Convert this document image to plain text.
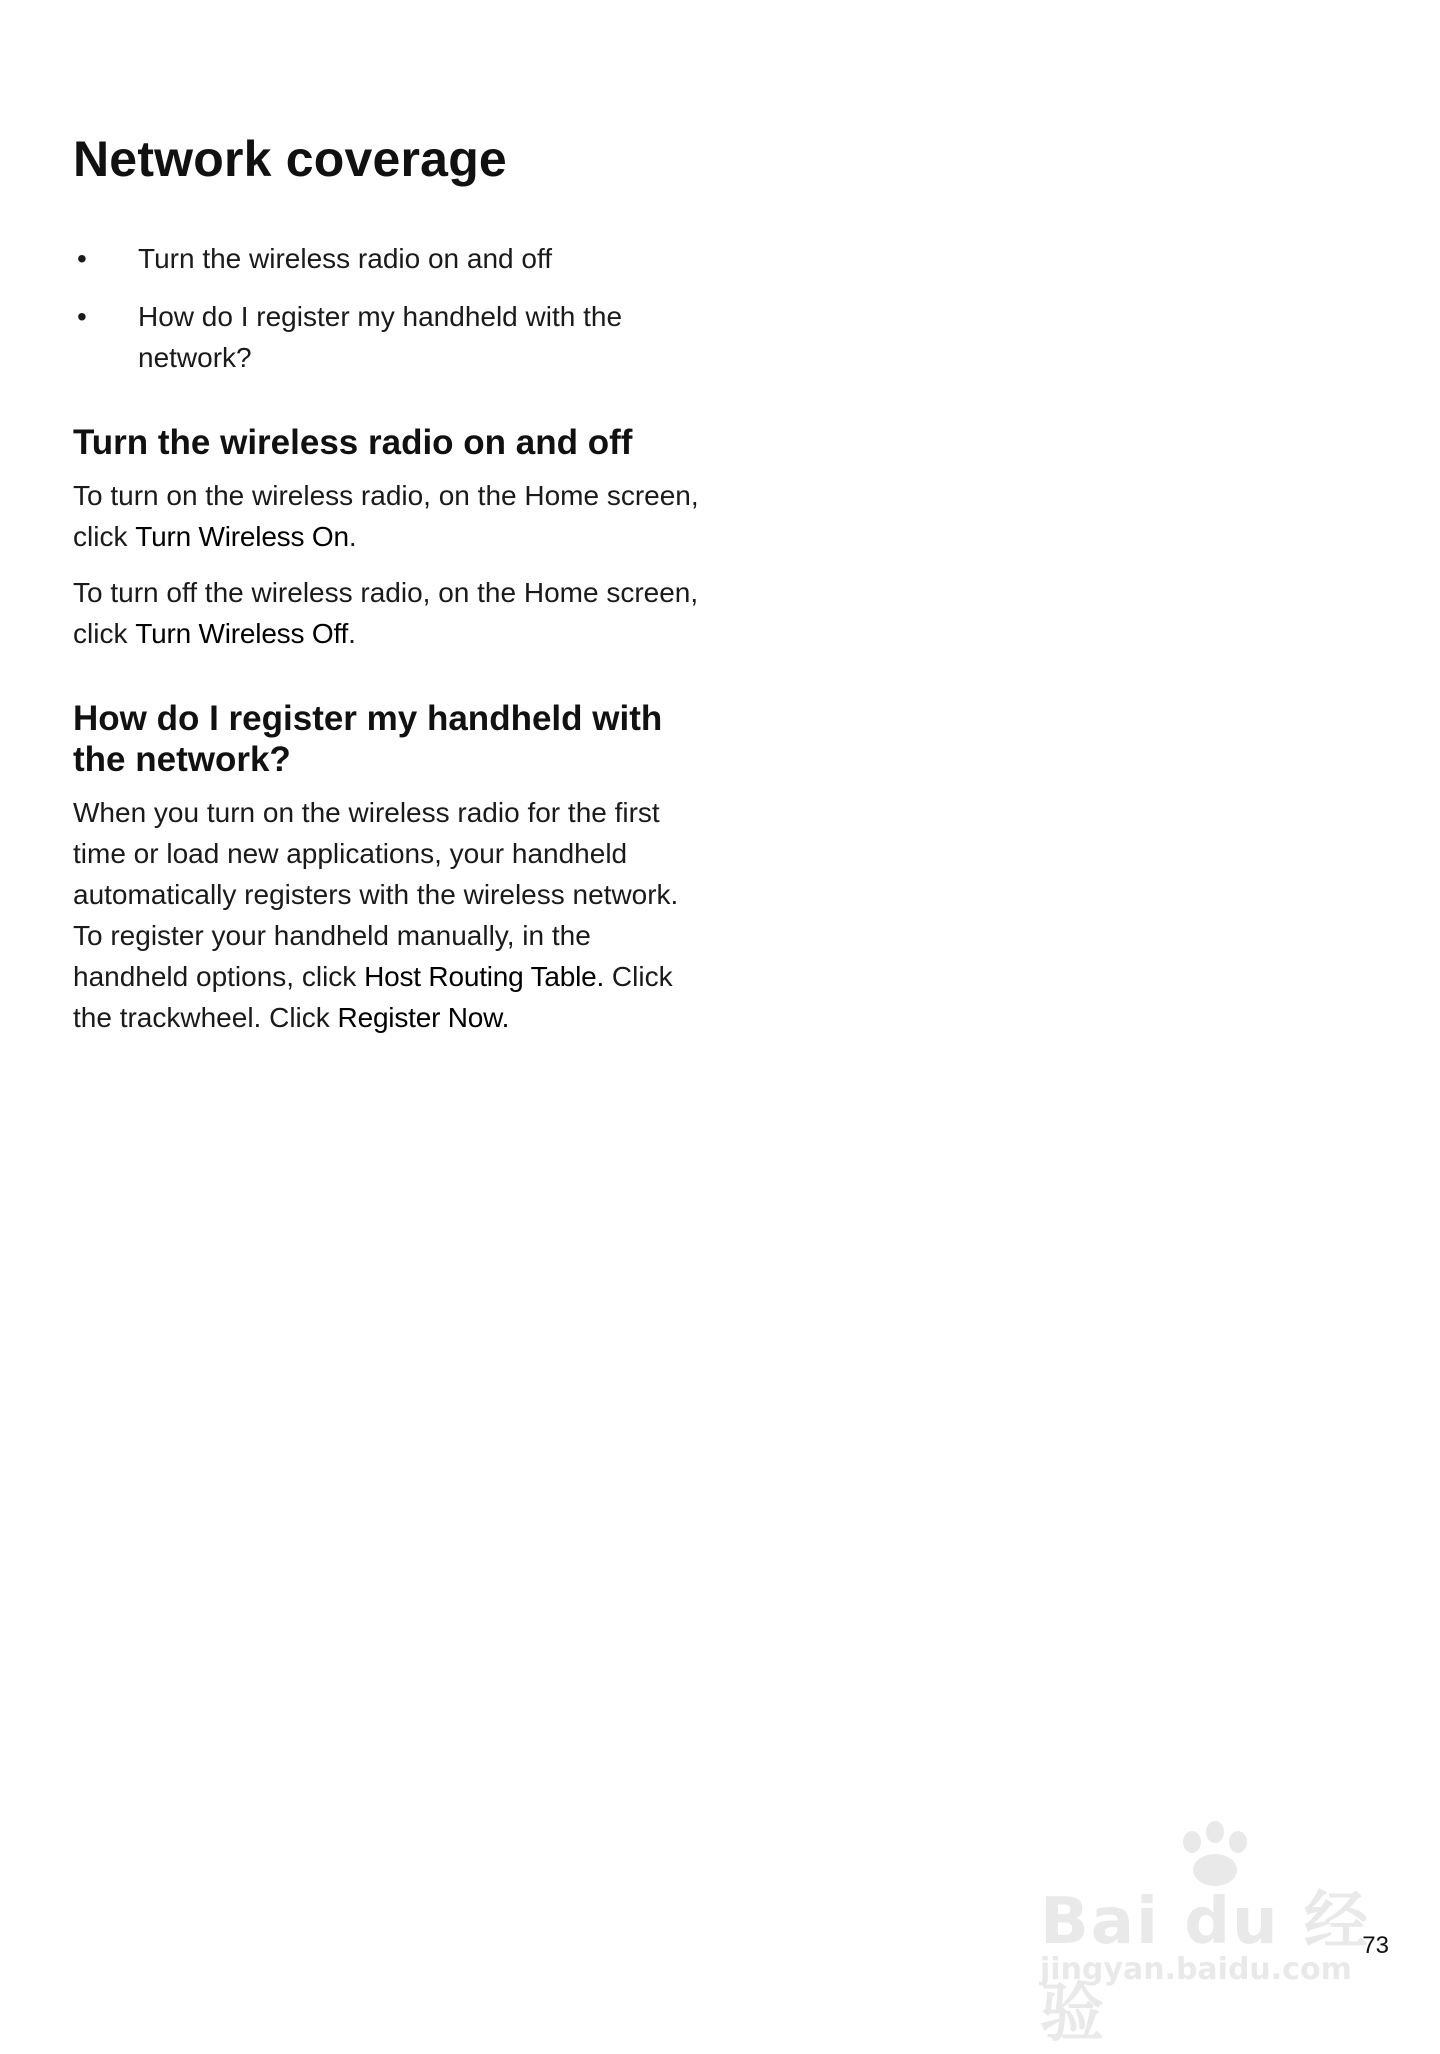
Network coverage
• Turn the wireless radio on and off
• How do I register my handheld with the network?
Turn the wireless radio on and off

To turn on the wireless radio, on the Home screen, click Turn Wireless On.

To turn off the wireless radio, on the Home screen, click Turn Wireless Off.

How do I register my handheld with the network?

When you turn on the wireless radio for the first time or load new applications, your handheld automatically registers with the wireless network. To register your handheld manually, in the handheld options, click Host Routing Table. Click the trackwheel. Click Register Now.

Bai du 经验
jingyan.baidu.com
73
